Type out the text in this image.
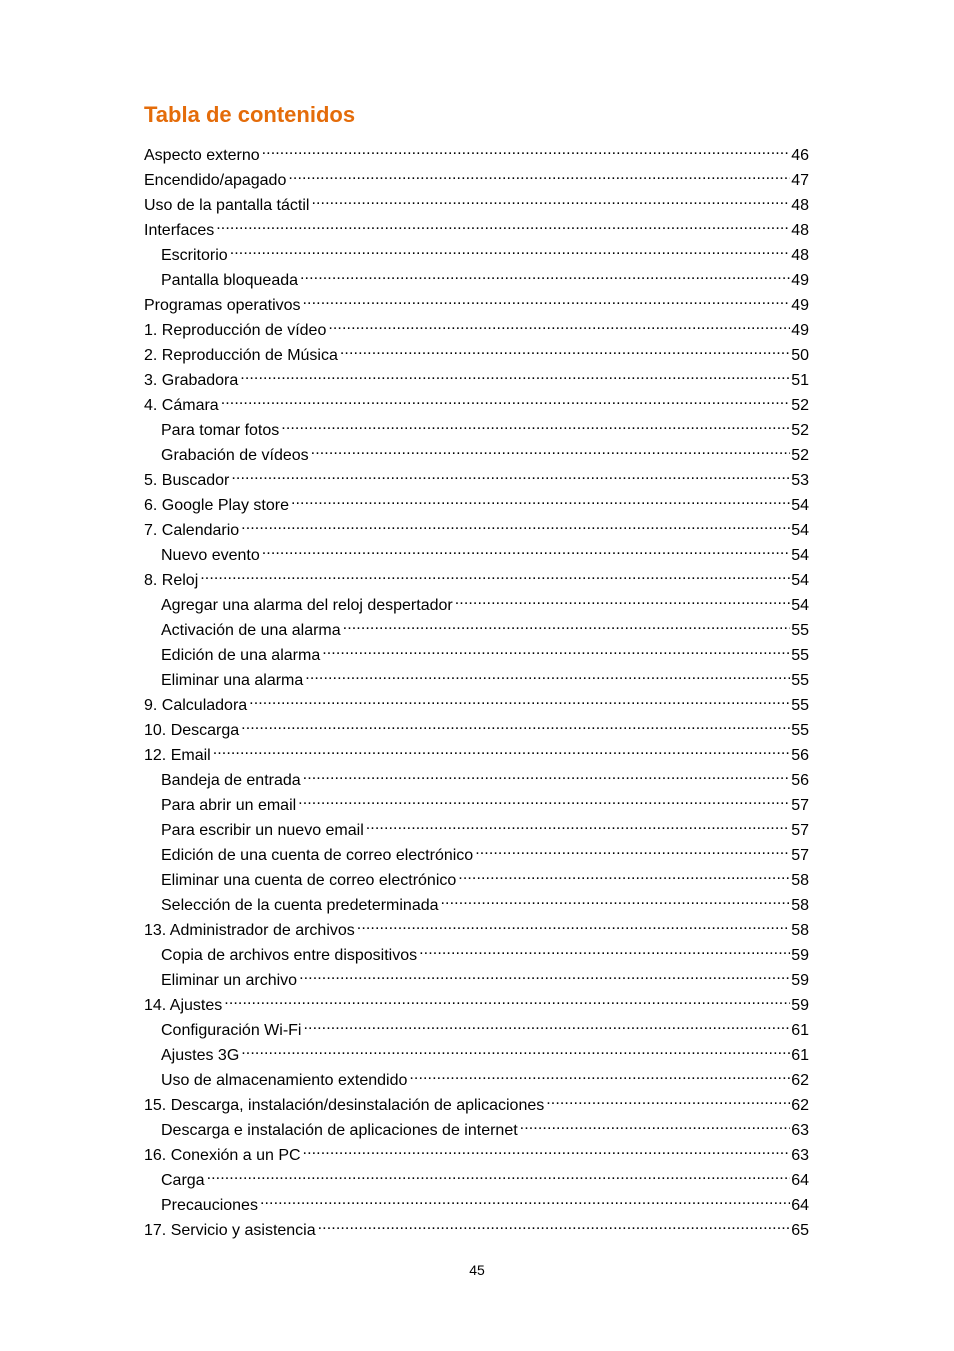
Tabla de contenidos
Aspecto externo .....	46
Encendido/apagado .....	47
Uso de la pantalla táctil .....	48
Interfaces .....	48
Escritorio .....	48
Pantalla bloqueada .....	49
Programas operativos .....	49
1. Reproducción de vídeo .....	49
2. Reproducción de Música .....	50
3. Grabadora .....	51
4. Cámara .....	52
Para tomar fotos .....	52
Grabación de vídeos .....	52
5. Buscador .....	53
6. Google Play store .....	54
7. Calendario .....	54
Nuevo evento .....	54
8. Reloj .....	54
Agregar una alarma del reloj despertador .....	54
Activación de una alarma .....	55
Edición de una alarma .....	55
Eliminar una alarma .....	55
9. Calculadora .....	55
10. Descarga .....	55
12. Email .....	56
Bandeja de entrada .....	56
Para abrir un email .....	57
Para escribir un nuevo email .....	57
Edición de una cuenta de correo electrónico .....	57
Eliminar una cuenta de correo electrónico .....	58
Selección de la cuenta predeterminada .....	58
13. Administrador de archivos .....	58
Copia de archivos entre dispositivos .....	59
Eliminar un archivo .....	59
14. Ajustes .....	59
Configuración Wi-Fi .....	61
Ajustes 3G .....	61
Uso de almacenamiento extendido .....	62
15. Descarga, instalación/desinstalación de aplicaciones .....	62
Descarga e instalación de aplicaciones de internet .....	63
16. Conexión a un PC .....	63
Carga .....	64
Precauciones .....	64
17. Servicio y asistencia .....	65
45
